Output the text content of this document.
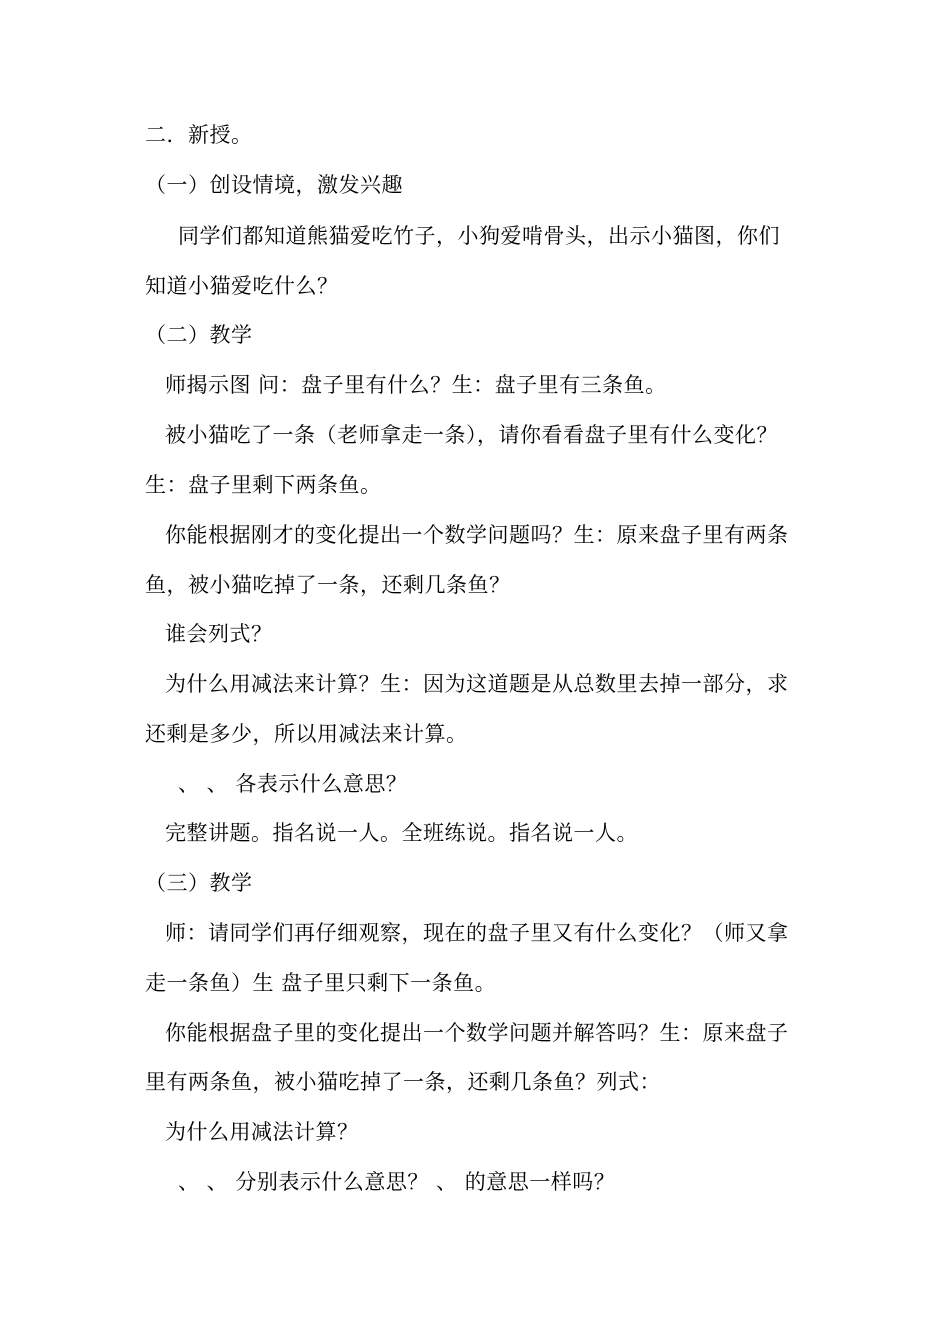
二．新授。
（一）创设情境，激发兴趣
同学们都知道熊猫爱吃竹子，小狗爱啃骨头，出示小猫图，你们
知道小猫爱吃什么？
（二）教学
师揭示图 问：盘子里有什么？生：盘子里有三条鱼。
被小猫吃了一条（老师拿走一条），请你看看盘子里有什么变化？
生：盘子里剩下两条鱼。
你能根据刚才的变化提出一个数学问题吗？生：原来盘子里有两条
鱼，被小猫吃掉了一条，还剩几条鱼？
谁会列式？
为什么用减法来计算？生：因为这道题是从总数里去掉一部分，求
还剩是多少，所以用减法来计算。
、 、 各表示什么意思？
完整讲题。指名说一人。全班练说。指名说一人。
（三）教学
师：请同学们再仔细观察，现在的盘子里又有什么变化？（师又拿
走一条鱼）生 盘子里只剩下一条鱼。
你能根据盘子里的变化提出一个数学问题并解答吗？生：原来盘子
里有两条鱼，被小猫吃掉了一条，还剩几条鱼？列式：
为什么用减法计算？
、 、 分别表示什么意思？ 、 的意思一样吗？
